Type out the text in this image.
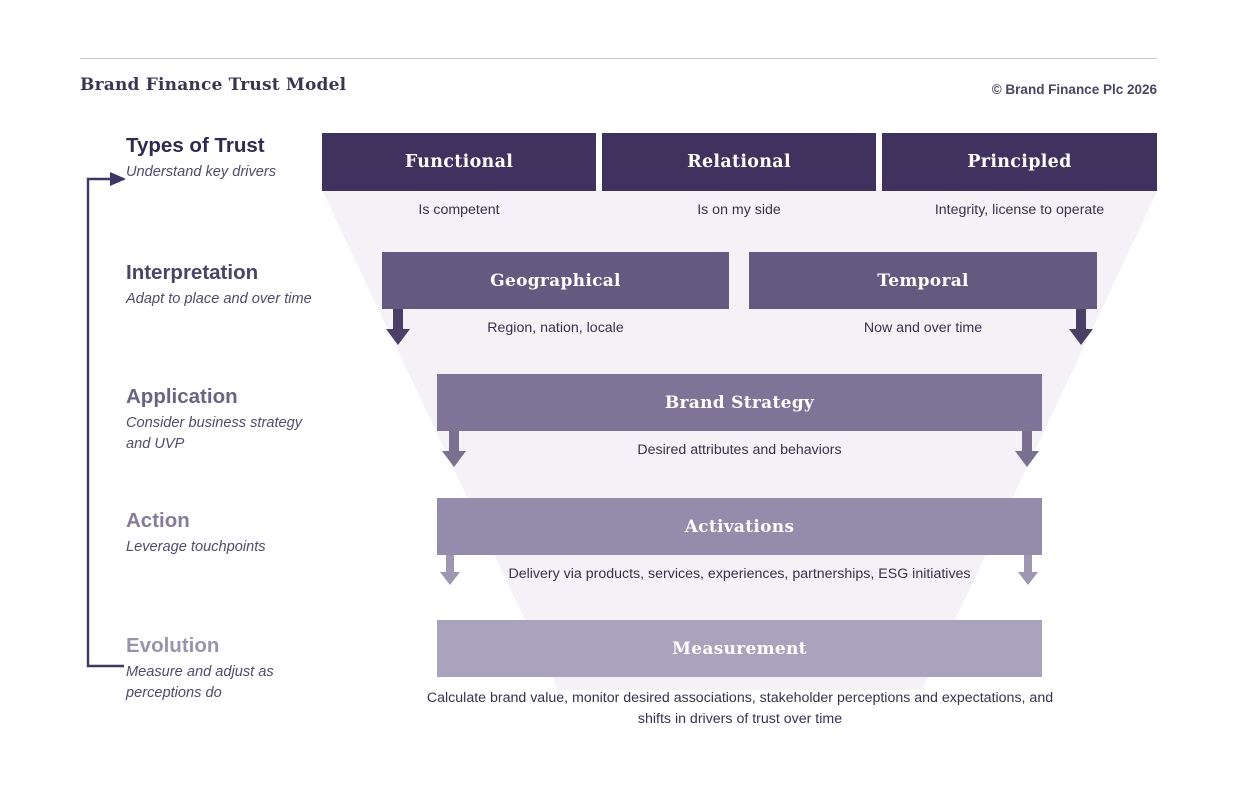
Brand Finance Trust Model	© Brand Finance Plc 2026
Types of Trust
Understand key drivers	Functional	Relational	Principled
Is competent	Is on my side	Integrity, license to operate
Interpretation
Adapt to place and over time
Geographical	Temporal
Region, nation, locale	Now and over time
Application
Consider business strategy and UVP
Brand Strategy
Desired attributes and behaviors
Action
Leverage touchpoints
Activations
Delivery via products, services, experiences, partnerships, ESG initiatives
Evolution
Measure and adjust as perceptions do
Measurement
Calculate brand value, monitor desired associations, stakeholder perceptions and expectations, and shifts in drivers of trust over time
